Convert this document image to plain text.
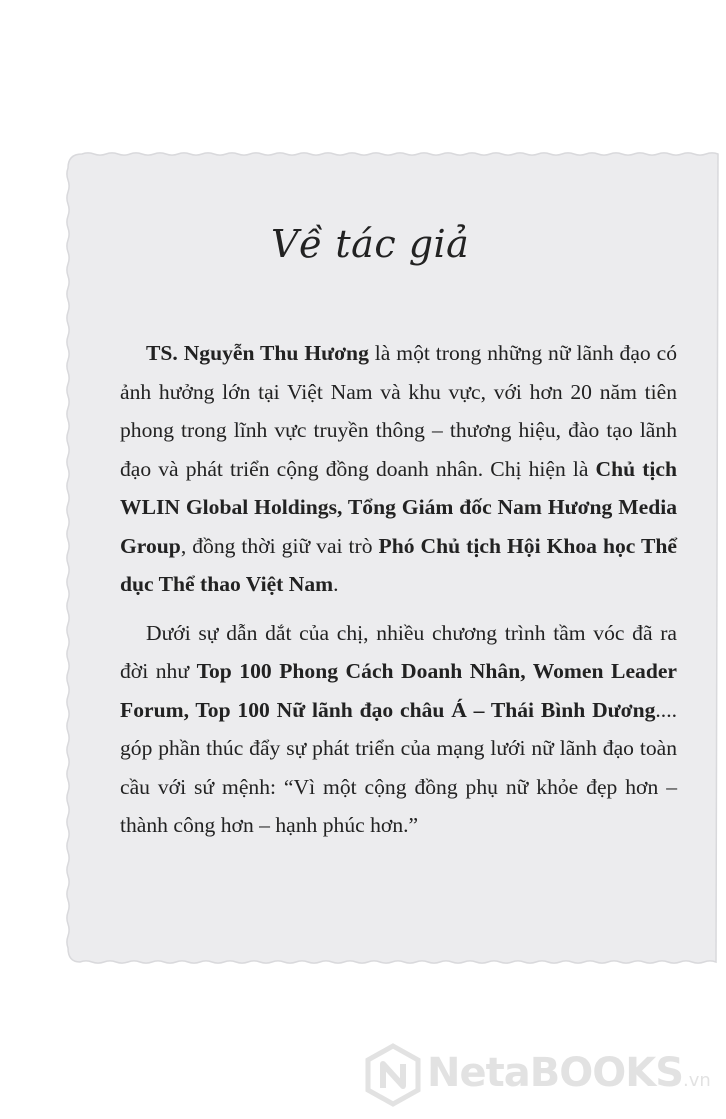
Về tác giả

TS. Nguyễn Thu Hương là một trong những nữ lãnh đạo có ảnh hưởng lớn tại Việt Nam và khu vực, với hơn 20 năm tiên phong trong lĩnh vực truyền thông – thương hiệu, đào tạo lãnh đạo và phát triển cộng đồng doanh nhân. Chị hiện là Chủ tịch WLIN Global Holdings, Tổng Giám đốc Nam Hương Media Group, đồng thời giữ vai trò Phó Chủ tịch Hội Khoa học Thể dục Thể thao Việt Nam.

Dưới sự dẫn dắt của chị, nhiều chương trình tầm vóc đã ra đời như Top 100 Phong Cách Doanh Nhân, Women Leader Forum, Top 100 Nữ lãnh đạo châu Á – Thái Bình Dương.... góp phần thúc đẩy sự phát triển của mạng lưới nữ lãnh đạo toàn cầu với sứ mệnh: “Vì một cộng đồng phụ nữ khỏe đẹp hơn – thành công hơn – hạnh phúc hơn.”

NetaBOOKS.vn
